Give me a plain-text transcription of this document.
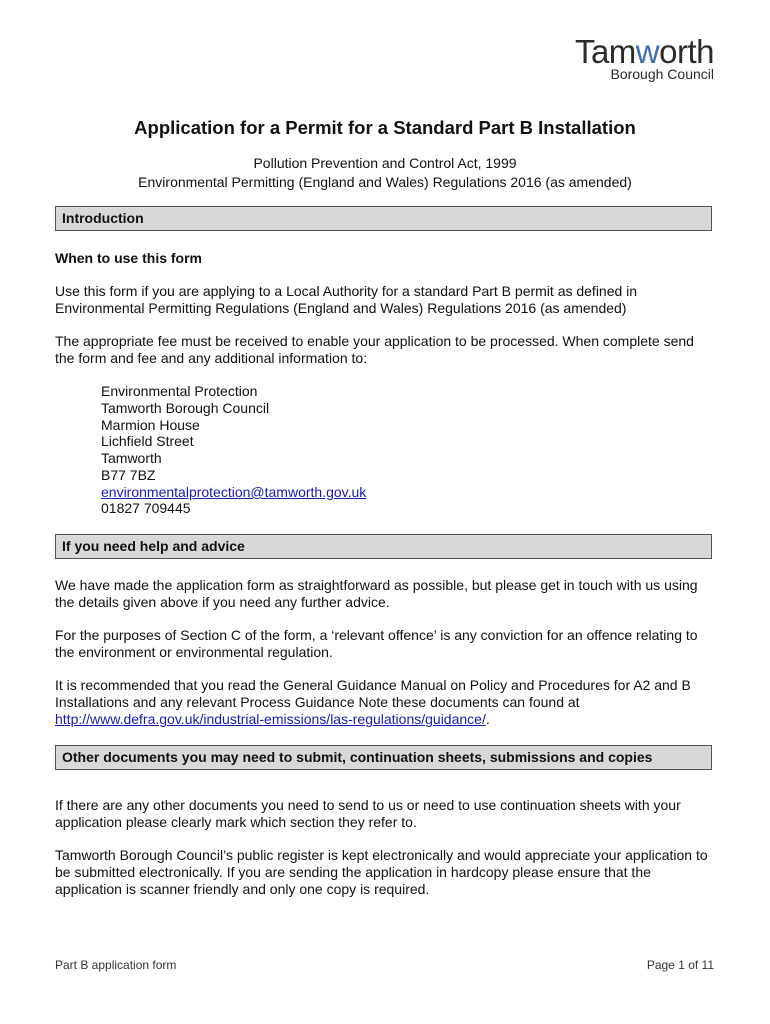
Tamworth
Borough Council
Application for a Permit for a Standard Part B Installation
Pollution Prevention and Control Act, 1999
Environmental Permitting (England and Wales) Regulations 2016 (as amended)
Introduction
When to use this form
Use this form if you are applying to a Local Authority for a standard Part B permit as defined in Environmental Permitting Regulations (England and Wales) Regulations 2016 (as amended)
The appropriate fee must be received to enable your application to be processed. When complete send the form and fee and any additional information to:
Environmental Protection
Tamworth Borough Council
Marmion House
Lichfield Street
Tamworth
B77 7BZ
environmentalprotection@tamworth.gov.uk
01827 709445
If you need help and advice
We have made the application form as straightforward as possible, but please get in touch with us using the details given above if you need any further advice.
For the purposes of Section C of the form, a ‘relevant offence’ is any conviction for an offence relating to the environment or environmental regulation.
It is recommended that you read the General Guidance Manual on Policy and Procedures for A2 and B Installations and any relevant Process Guidance Note these documents can found at http://www.defra.gov.uk/industrial-emissions/las-regulations/guidance/.
Other documents you may need to submit, continuation sheets, submissions and copies
If there are any other documents you need to send to us or need to use continuation sheets with your application please clearly mark which section they refer to.
Tamworth Borough Council’s public register is kept electronically and would appreciate your application to be submitted electronically. If you are sending the application in hardcopy please ensure that the application is scanner friendly and only one copy is required.
Part B application form	Page 1 of 11
